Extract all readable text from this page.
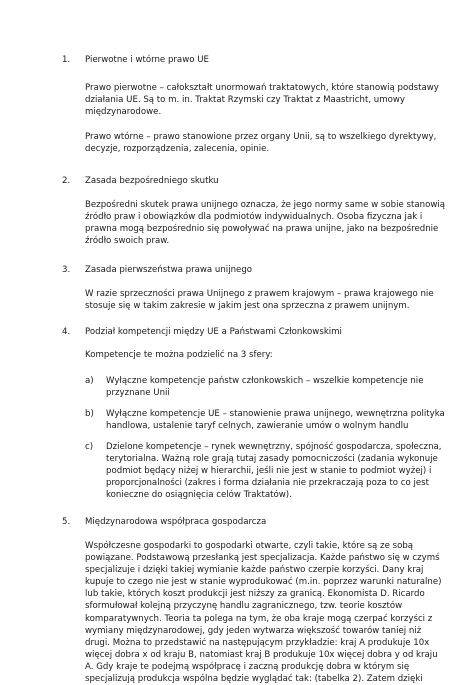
1. Pierwotne i wtórne prawo UE
Prawo pierwotne – całokształt unormowań traktatowych, które stanowią podstawy
działania UE. Są to m. in. Traktat Rzymski czy Traktat z Maastricht, umowy
międzynarodowe.
Prawo wtórne – prawo stanowione przez organy Unii, są to wszelkiego dyrektywy,
decyzje, rozporządzenia, zalecenia, opinie.
2. Zasada bezpośredniego skutku
Bezpośredni skutek prawa unijnego oznacza, że jego normy same w sobie stanowią
źródło praw i obowiązków dla podmiotów indywidualnych. Osoba fizyczna jak i
prawna mogą bezpośrednio się powoływać na prawa unijne, jako na bezpośrednie
źródło swoich praw.
3. Zasada pierwszeństwa prawa unijnego
W razie sprzeczności prawa Unijnego z prawem krajowym – prawa krajowego nie
stosuje się w takim zakresie w jakim jest ona sprzeczna z prawem unijnym.
4. Podział kompetencji między UE a Państwami Członkowskimi
Kompetencje te można podzielić na 3 sfery:
a) Wyłączne kompetencje państw członkowskich – wszelkie kompetencje nie
przyznane Unii
b) Wyłączne kompetencje UE – stanowienie prawa unijnego, wewnętrzna polityka
handlowa, ustalenie taryf celnych, zawieranie umów o wolnym handlu
c) Dzielone kompetencje – rynek wewnętrzny, spójność gospodarcza, społeczna,
terytorialna. Ważną role grają tutaj zasady pomocniczości (zadania wykonuje
podmiot będący niżej w hierarchii, jeśli nie jest w stanie to podmiot wyżej) i
proporcjonalności (zakres i forma działania nie przekraczają poza to co jest
konieczne do osiągnięcia celów Traktatów).
5. Międzynarodowa współpraca gospodarcza
Współczesne gospodarki to gospodarki otwarte, czyli takie, które są ze sobą
powiązane. Podstawową przesłanką jest specjalizacja. Każde państwo się w czymś
specjalizuje i dzięki takiej wymianie każde państwo czerpie korzyści. Dany kraj
kupuje to czego nie jest w stanie wyprodukować (m.in. poprzez warunki naturalne)
lub takie, których koszt produkcji jest niższy za granicą. Ekonomista D. Ricardo
sformułował kolejną przyczynę handlu zagranicznego, tzw. teorie kosztów
komparatywnych. Teoria ta polega na tym, że oba kraje mogą czerpać korzyści z
wymiany międzynarodowej, gdy jeden wytwarza większość towarów taniej niż
drugi. Można to przedstawić na następującym przykładzie: kraj A produkuje 10x
więcej dobra x od kraju B, natomiast kraj B produkuje 10x więcej dobra y od kraju
A. Gdy kraje te podejmą współpracę i zaczną produkcję dobra w którym się
specjalizują produkcja wspólna będzie wyglądać tak: (tabelka 2). Zatem dzięki
